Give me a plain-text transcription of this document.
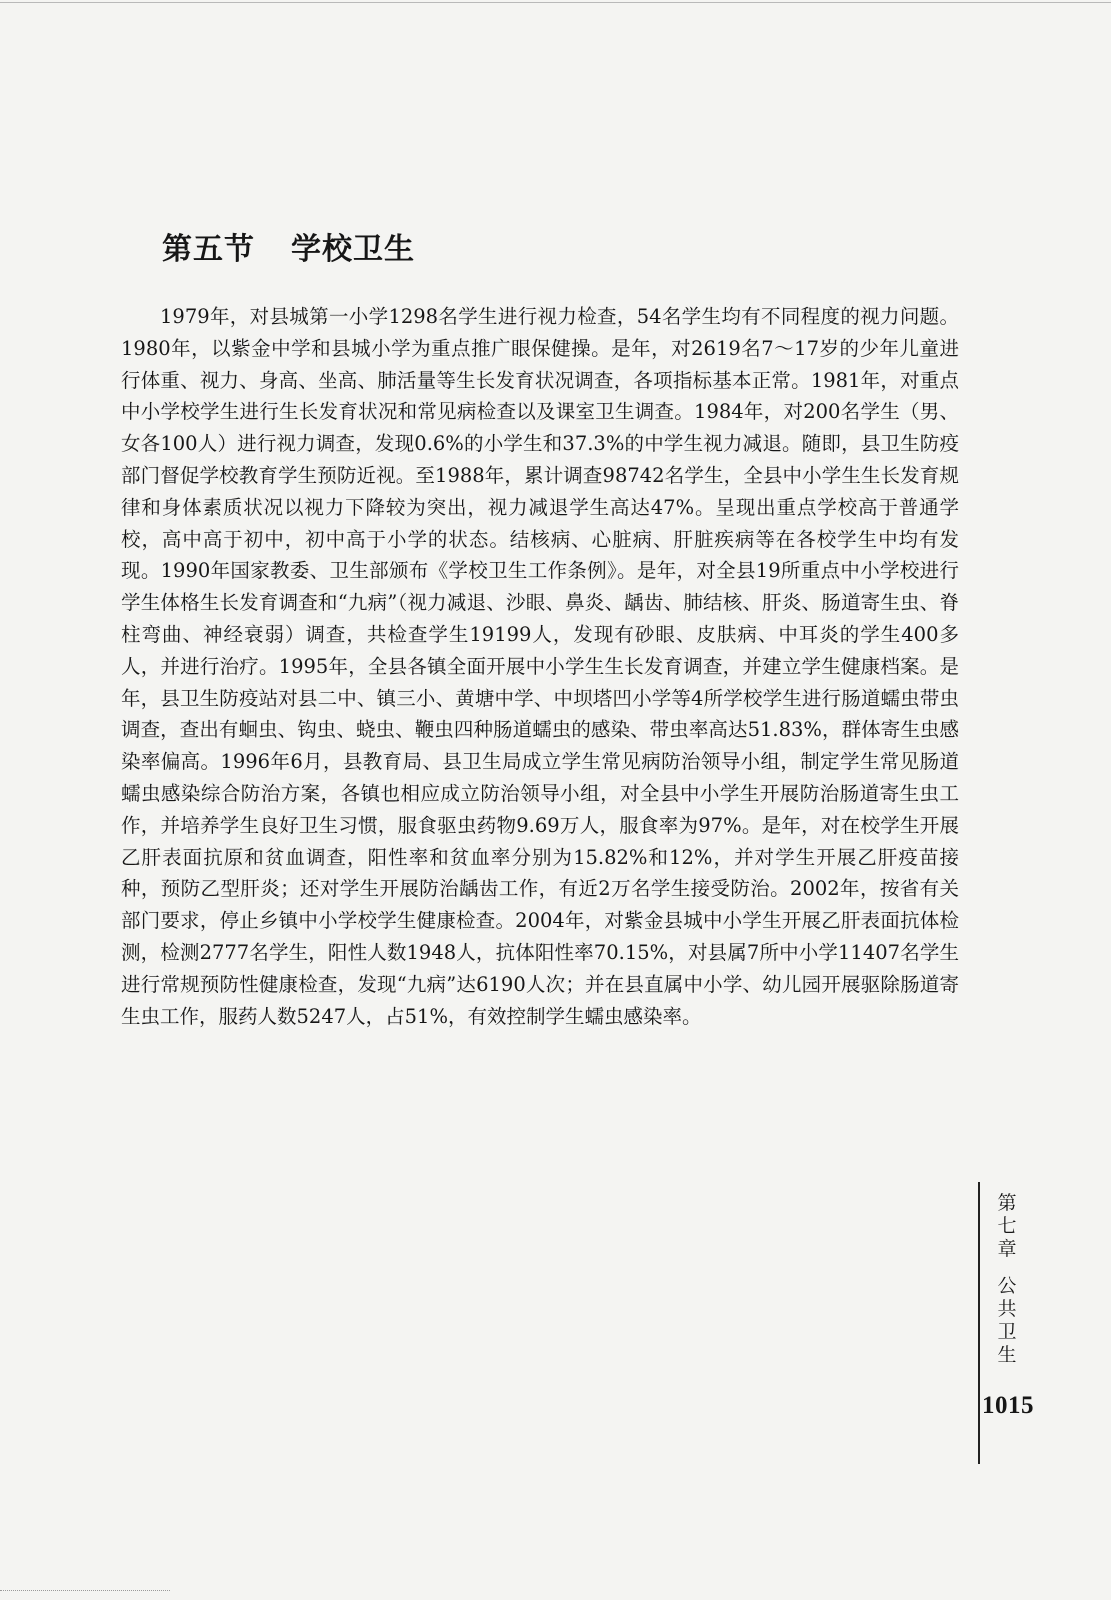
第五节 学校卫生

1979年，对县城第一小学1298名学生进行视力检查，54名学生均有不同程度的视力问题。1980年，以紫金中学和县城小学为重点推广眼保健操。是年，对2619名7～17岁的少年儿童进行体重、视力、身高、坐高、肺活量等生长发育状况调查，各项指标基本正常。1981年，对重点中小学校学生进行生长发育状况和常见病检查以及课室卫生调查。1984年，对200名学生（男、女各100人）进行视力调查，发现0.6%的小学生和37.3%的中学生视力减退。随即，县卫生防疫部门督促学校教育学生预防近视。至1988年，累计调查98742名学生，全县中小学生生长发育规律和身体素质状况以视力下降较为突出，视力减退学生高达47%。呈现出重点学校高于普通学校，高中高于初中，初中高于小学的状态。结核病、心脏病、肝脏疾病等在各校学生中均有发现。1990年国家教委、卫生部颁布《学校卫生工作条例》。是年，对全县19所重点中小学校进行学生体格生长发育调查和“九病”（视力减退、沙眼、鼻炎、龋齿、肺结核、肝炎、肠道寄生虫、脊柱弯曲、神经衰弱）调查，共检查学生19199人，发现有砂眼、皮肤病、中耳炎的学生400多人，并进行治疗。1995年，全县各镇全面开展中小学生生长发育调查，并建立学生健康档案。是年，县卫生防疫站对县二中、镇三小、黄塘中学、中坝塔凹小学等4所学校学生进行肠道蠕虫带虫调查，查出有蛔虫、钩虫、蛲虫、鞭虫四种肠道蠕虫的感染、带虫率高达51.83%，群体寄生虫感染率偏高。1996年6月，县教育局、县卫生局成立学生常见病防治领导小组，制定学生常见肠道蠕虫感染综合防治方案，各镇也相应成立防治领导小组，对全县中小学生开展防治肠道寄生虫工作，并培养学生良好卫生习惯，服食驱虫药物9.69万人，服食率为97%。是年，对在校学生开展乙肝表面抗原和贫血调查，阳性率和贫血率分别为15.82%和12%，并对学生开展乙肝疫苗接种，预防乙型肝炎；还对学生开展防治龋齿工作，有近2万名学生接受防治。2002年，按省有关部门要求，停止乡镇中小学校学生健康检查。2004年，对紫金县城中小学生开展乙肝表面抗体检测，检测2777名学生，阳性人数1948人，抗体阳性率70.15%，对县属7所中小学11407名学生进行常规预防性健康检查，发现“九病”达6190人次；并在县直属中小学、幼儿园开展驱除肠道寄生虫工作，服药人数5247人，占51%，有效控制学生蠕虫感染率。

第七章
公共卫生
1015
